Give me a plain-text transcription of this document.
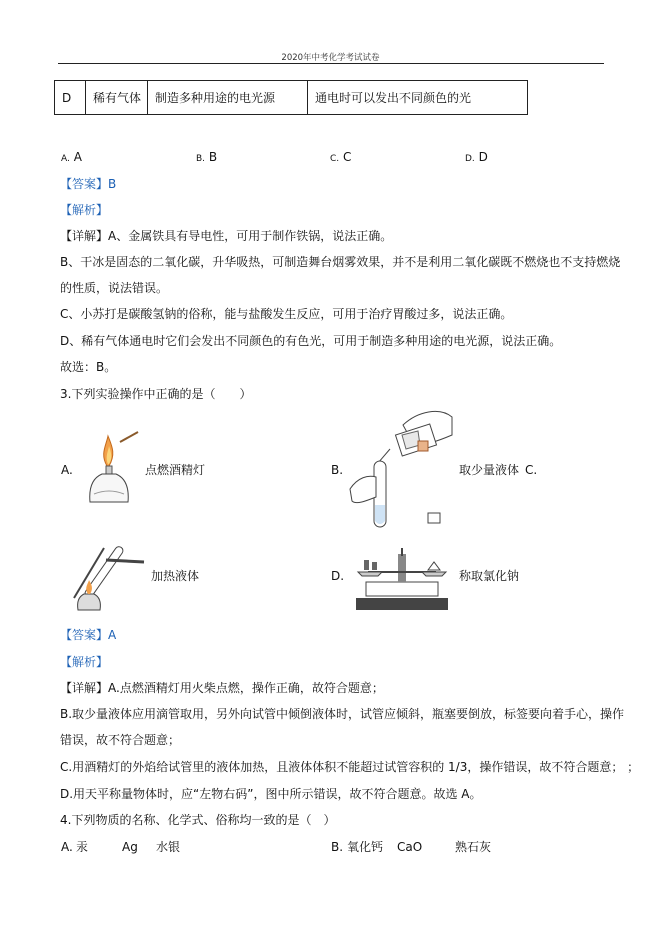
2020年中考化学考试试卷
D	稀有气体	制造多种用途的电光源	通电时可以发出不同颜色的光
A. A	B. B	C. C	D. D
【答案】B
【解析】
【详解】A、金属铁具有导电性，可用于制作铁锅，说法正确。
B、干冰是固态的二氧化碳，升华吸热，可制造舞台烟雾效果，并不是利用二氧化碳既不燃烧也不支持燃烧
的性质，说法错误。
C、小苏打是碳酸氢钠的俗称，能与盐酸发生反应，可用于治疗胃酸过多，说法正确。
D、稀有气体通电时它们会发出不同颜色的有色光，可用于制造多种用途的电光源，说法正确。
故选：B。
3.下列实验操作中正确的是（　　）
A.	点燃酒精灯	B.	取少量液体 C.
加热液体	D.	称取氯化钠
【答案】A
【解析】
【详解】A.点燃酒精灯用火柴点燃，操作正确，故符合题意；
B.取少量液体应用滴管取用，另外向试管中倾倒液体时，试管应倾斜，瓶塞要倒放，标签要向着手心，操作
错误，故不符合题意；
C.用酒精灯的外焰给试管里的液体加热，且液体体积不能超过试管容积的 1/3，操作错误，故不符合题意； ；
D.用天平称量物体时，应“左物右码”，图中所示错误，故不符合题意。故选 A。
4.下列物质的名称、化学式、俗称均一致的是（　）
A. 汞	Ag 水银	B. 氧化钙 CaO	熟石灰
